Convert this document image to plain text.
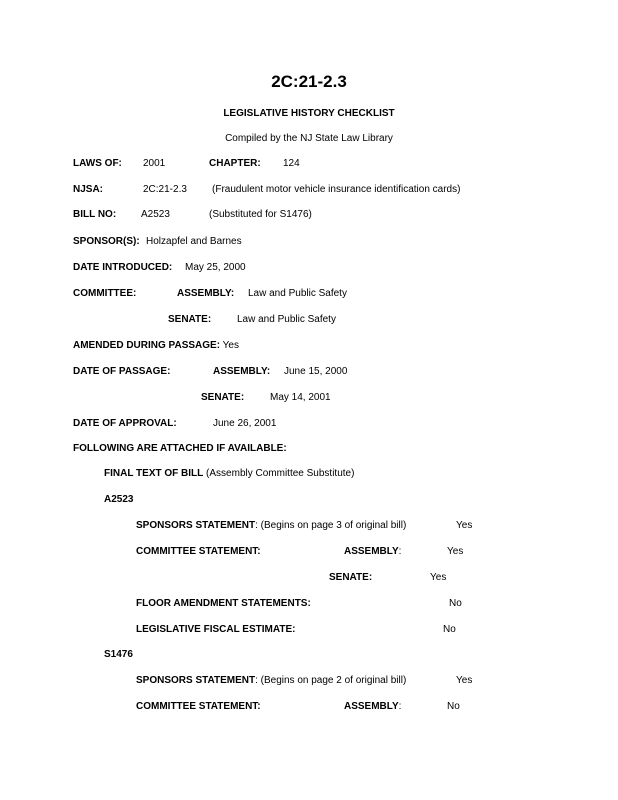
2C:21-2.3
LEGISLATIVE HISTORY CHECKLIST
Compiled by the NJ State Law Library
LAWS OF: 2001	CHAPTER: 124
NJSA:	2C:21-2.3	(Fraudulent motor vehicle insurance identification cards)
BILL NO: A2523	(Substituted for S1476)
SPONSOR(S): Holzapfel and Barnes
DATE INTRODUCED: May 25, 2000
COMMITTEE:	ASSEMBLY: Law and Public Safety
SENATE:	Law and Public Safety
AMENDED DURING PASSAGE: Yes
DATE OF PASSAGE:	ASSEMBLY: June 15, 2000
SENATE:	May 14, 2001
DATE OF APPROVAL:	June 26, 2001
FOLLOWING ARE ATTACHED IF AVAILABLE:
FINAL TEXT OF BILL (Assembly Committee Substitute)
A2523
SPONSORS STATEMENT: (Begins on page 3 of original bill)	Yes
COMMITTEE STATEMENT:	ASSEMBLY:	Yes
SENATE:	Yes
FLOOR AMENDMENT STATEMENTS:	No
LEGISLATIVE FISCAL ESTIMATE:	No
S1476
SPONSORS STATEMENT: (Begins on page 2 of original bill)	Yes
COMMITTEE STATEMENT:	ASSEMBLY:	No
